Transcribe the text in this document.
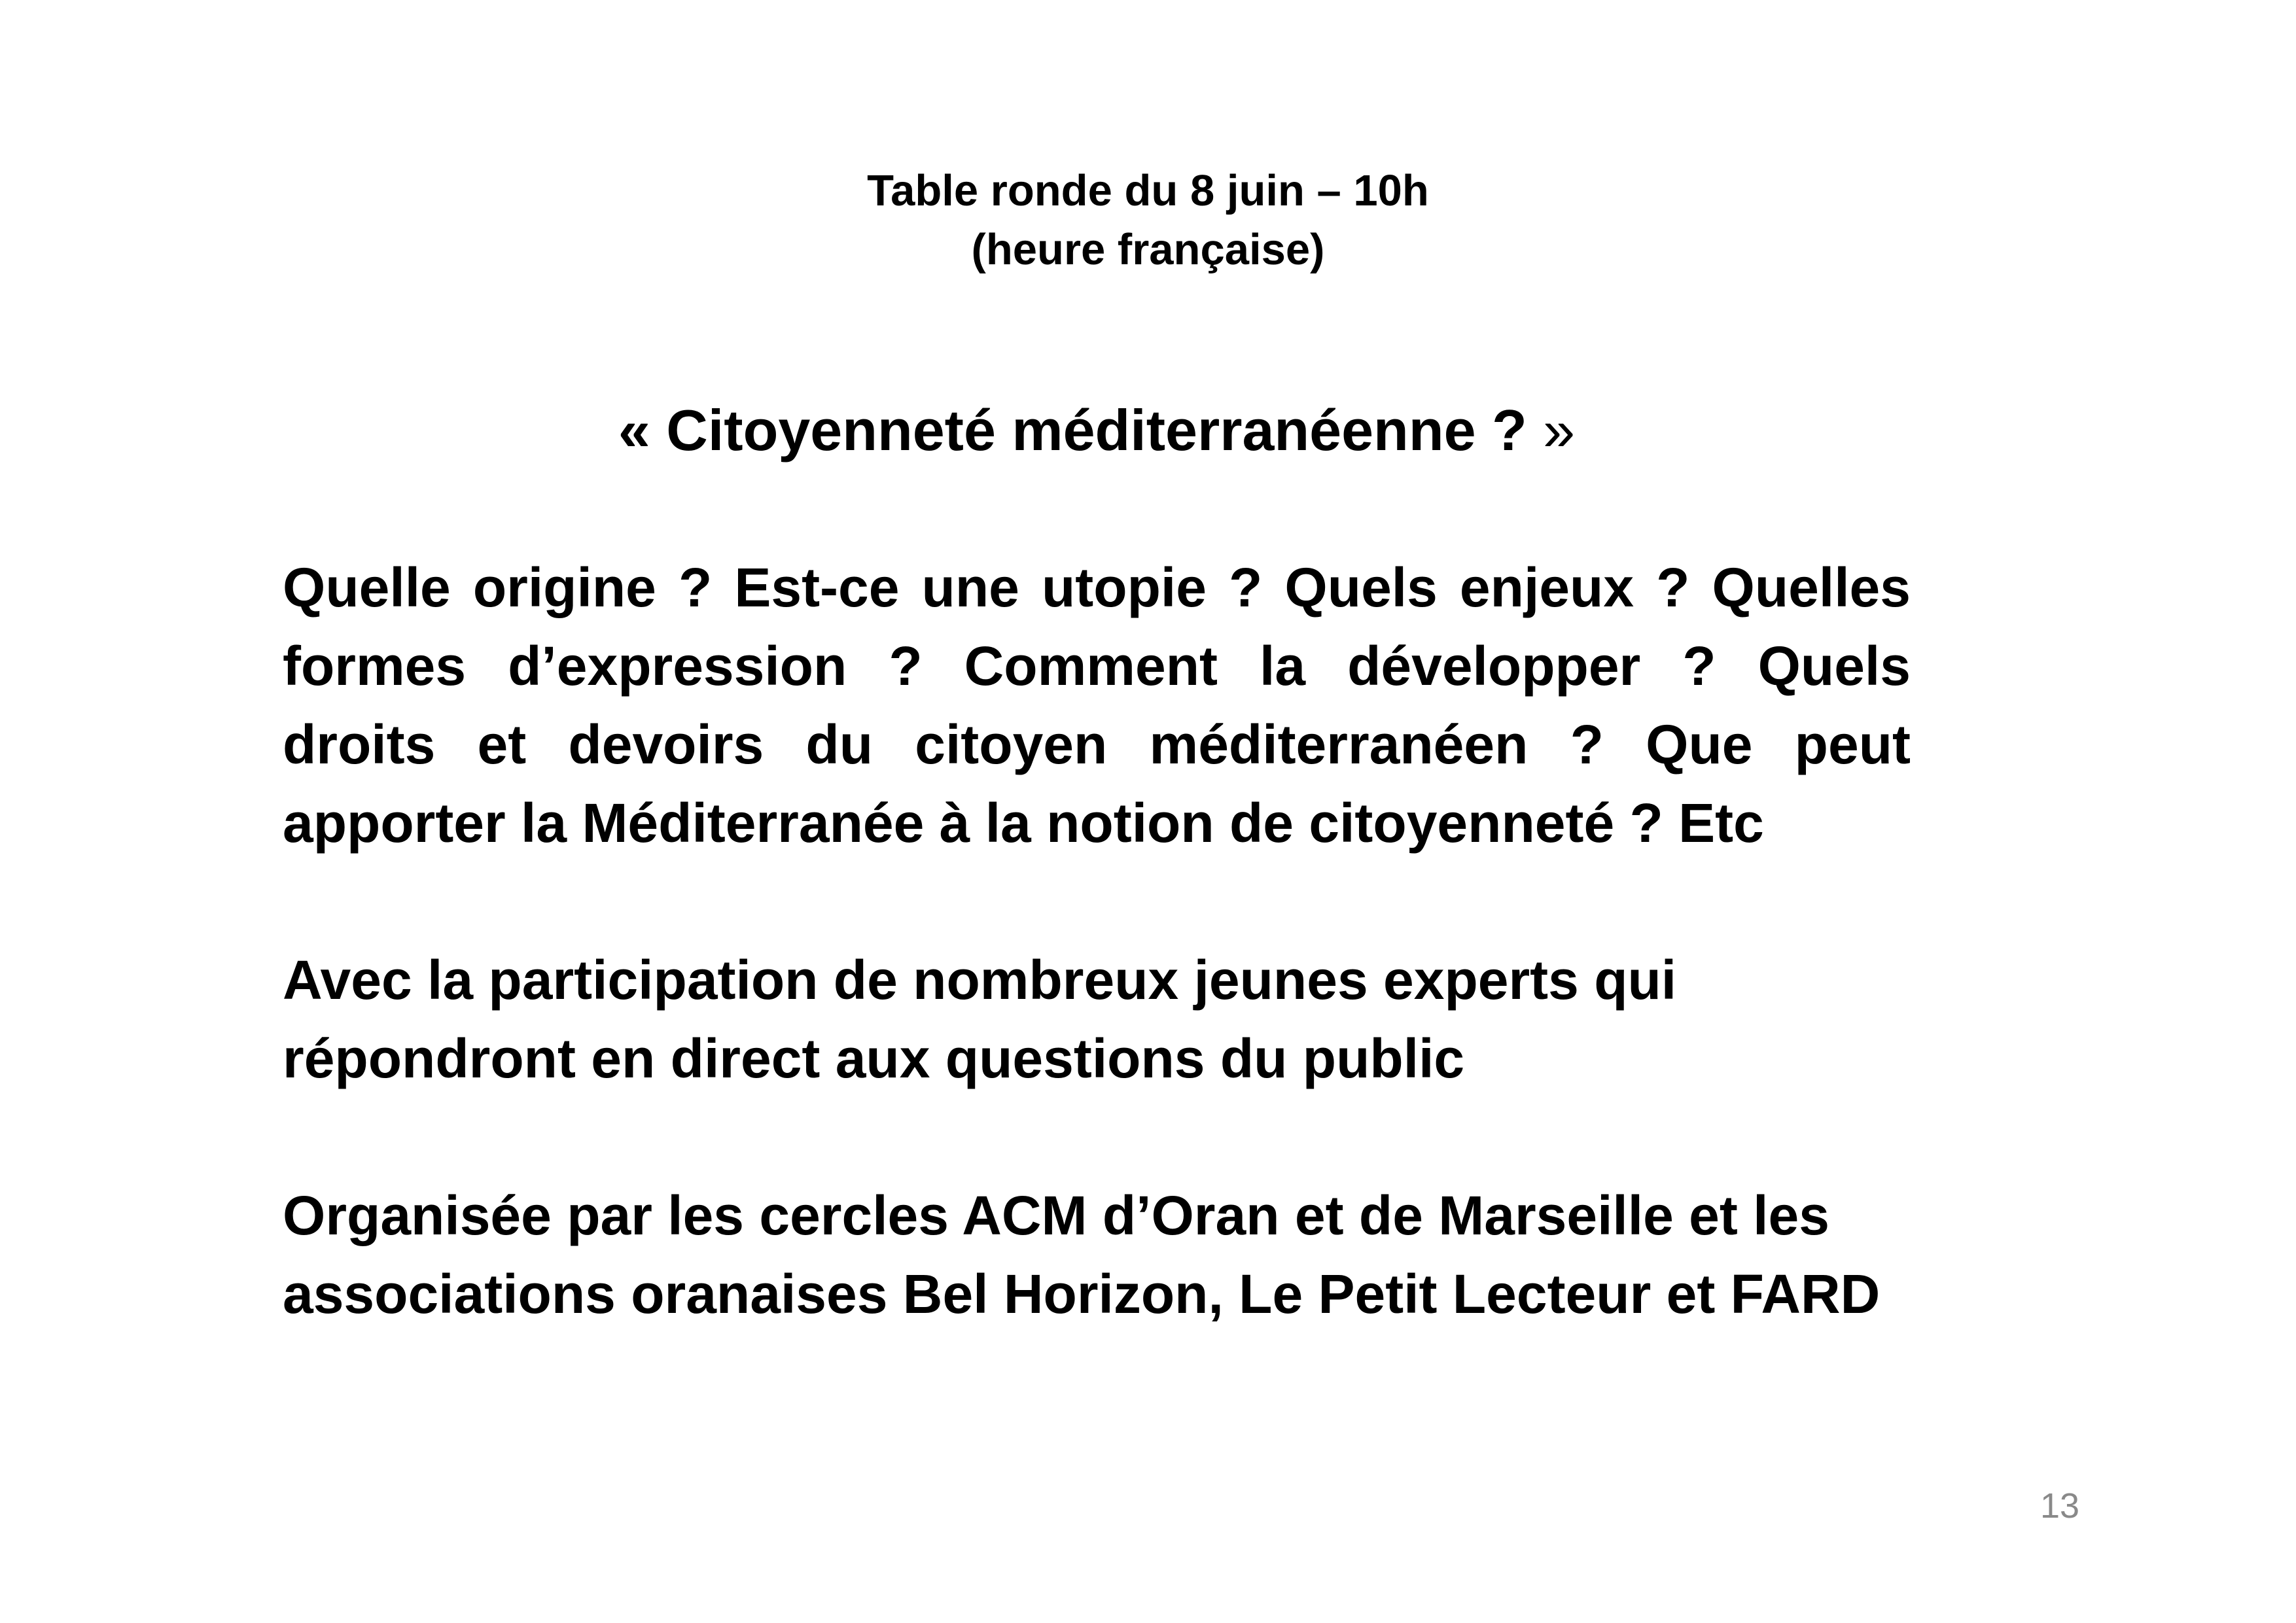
Table ronde du 8 juin – 10h
(heure française)
« Citoyenneté méditerranéenne ? »

Quelle origine ? Est-ce une utopie ? Quels enjeux ? Quelles
formes d’expression ? Comment la développer ? Quels
droits et devoirs du citoyen méditerranéen ? Que peut
apporter la Méditerranée à la notion de citoyenneté ? Etc

Avec la participation de nombreux jeunes experts qui
répondront en direct aux questions du public

Organisée par les cercles ACM d’Oran et de Marseille et les
associations oranaises Bel Horizon, Le Petit Lecteur et FARD

13
